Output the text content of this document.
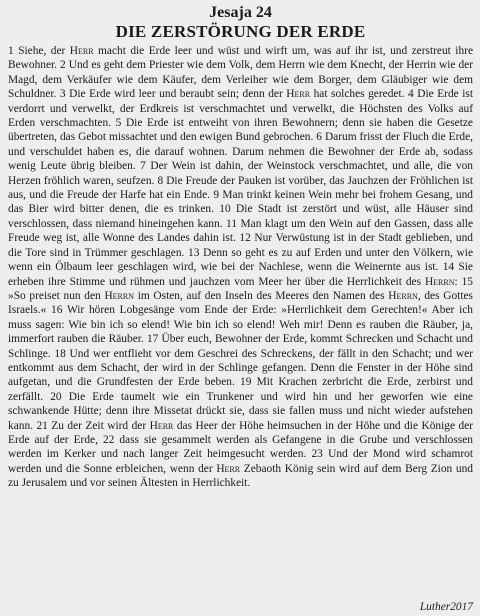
Jesaja 24
DIE ZERSTÖRUNG DER ERDE

1 Siehe, der Herr macht die Erde leer und wüst und wirft um, was auf ihr ist, und zerstreut ihre Bewohner. 2 Und es geht dem Priester wie dem Volk, dem Herrn wie dem Knecht, der Herrin wie der Magd, dem Verkäufer wie dem Käufer, dem Verleiher wie dem Borger, dem Gläubiger wie dem Schuldner. 3 Die Erde wird leer und beraubt sein; denn der Herr hat solches geredet. 4 Die Erde ist verdorrt und verwelkt, der Erdkreis ist verschmachtet und verwelkt, die Höchsten des Volks auf Erden verschmachten. 5 Die Erde ist entweiht von ihren Bewohnern; denn sie haben die Gesetze übertreten, das Gebot missachtet und den ewigen Bund gebrochen. 6 Darum frisst der Fluch die Erde, und verschuldet haben es, die darauf wohnen. Darum nehmen die Bewohner der Erde ab, sodass wenig Leute übrig bleiben. 7 Der Wein ist dahin, der Weinstock verschmachtet, und alle, die von Herzen fröhlich waren, seufzen. 8 Die Freude der Pauken ist vorüber, das Jauchzen der Fröhlichen ist aus, und die Freude der Harfe hat ein Ende. 9 Man trinkt keinen Wein mehr bei frohem Gesang, und das Bier wird bitter denen, die es trinken. 10 Die Stadt ist zerstört und wüst, alle Häuser sind verschlossen, dass niemand hineingehen kann. 11 Man klagt um den Wein auf den Gassen, dass alle Freude weg ist, alle Wonne des Landes dahin ist. 12 Nur Verwüstung ist in der Stadt geblieben, und die Tore sind in Trümmer geschlagen. 13 Denn so geht es zu auf Erden und unter den Völkern, wie wenn ein Ölbaum leer geschlagen wird, wie bei der Nachlese, wenn die Weinernte aus ist. 14 Sie erheben ihre Stimme und rühmen und jauchzen vom Meer her über die Herrlichkeit des Herrn: 15 »So preiset nun den Herrn im Osten, auf den Inseln des Meeres den Namen des Herrn, des Gottes Israels.« 16 Wir hören Lobgesänge vom Ende der Erde: »Herrlichkeit dem Gerechten!« Aber ich muss sagen: Wie bin ich so elend! Wie bin ich so elend! Weh mir! Denn es rauben die Räuber, ja, immerfort rauben die Räuber. 17 Über euch, Bewohner der Erde, kommt Schrecken und Schacht und Schlinge. 18 Und wer entflieht vor dem Geschrei des Schreckens, der fällt in den Schacht; und wer entkommt aus dem Schacht, der wird in der Schlinge gefangen. Denn die Fenster in der Höhe sind aufgetan, und die Grundfesten der Erde beben. 19 Mit Krachen zerbricht die Erde, zerbirst und zerfällt. 20 Die Erde taumelt wie ein Trunkener und wird hin und her geworfen wie eine schwankende Hütte; denn ihre Missetat drückt sie, dass sie fallen muss und nicht wieder aufstehen kann. 21 Zu der Zeit wird der Herr das Heer der Höhe heimsuchen in der Höhe und die Könige der Erde auf der Erde, 22 dass sie gesammelt werden als Gefangene in die Grube und verschlossen werden im Kerker und nach langer Zeit heimgesucht werden. 23 Und der Mond wird schamrot werden und die Sonne erbleichen, wenn der Herr Zebaoth König sein wird auf dem Berg Zion und zu Jerusalem und vor seinen Ältesten in Herrlichkeit.

Luther2017
